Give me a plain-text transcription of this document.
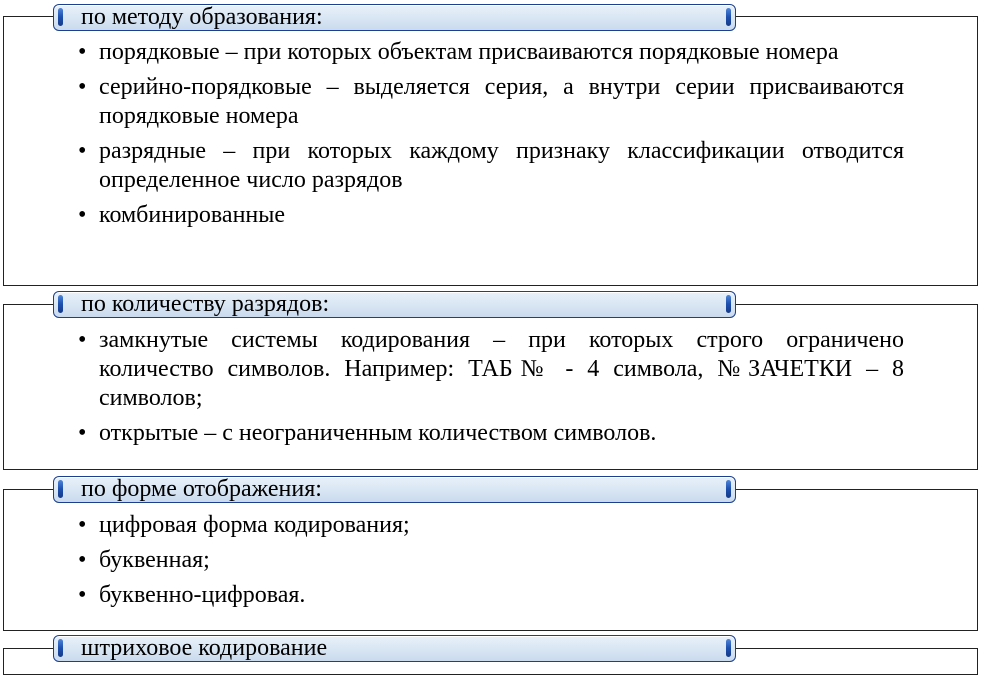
по методу образования:
• порядковые – при которых объектам присваиваются порядковые номера
• серийно-порядковые – выделяется серия, а внутри серии присваиваются порядковые номера
• разрядные – при которых каждому признаку классификации отводится определенное число разрядов
• комбинированные
по количеству разрядов:
• замкнутые системы кодирования – при которых строго ограничено количество символов. Например: ТАБ№ - 4 символа, №ЗАЧЕТКИ – 8 символов;
• открытые – с неограниченным количеством символов.
по форме отображения:
• цифровая форма кодирования;
• буквенная;
• буквенно-цифровая.
штриховое кодирование
